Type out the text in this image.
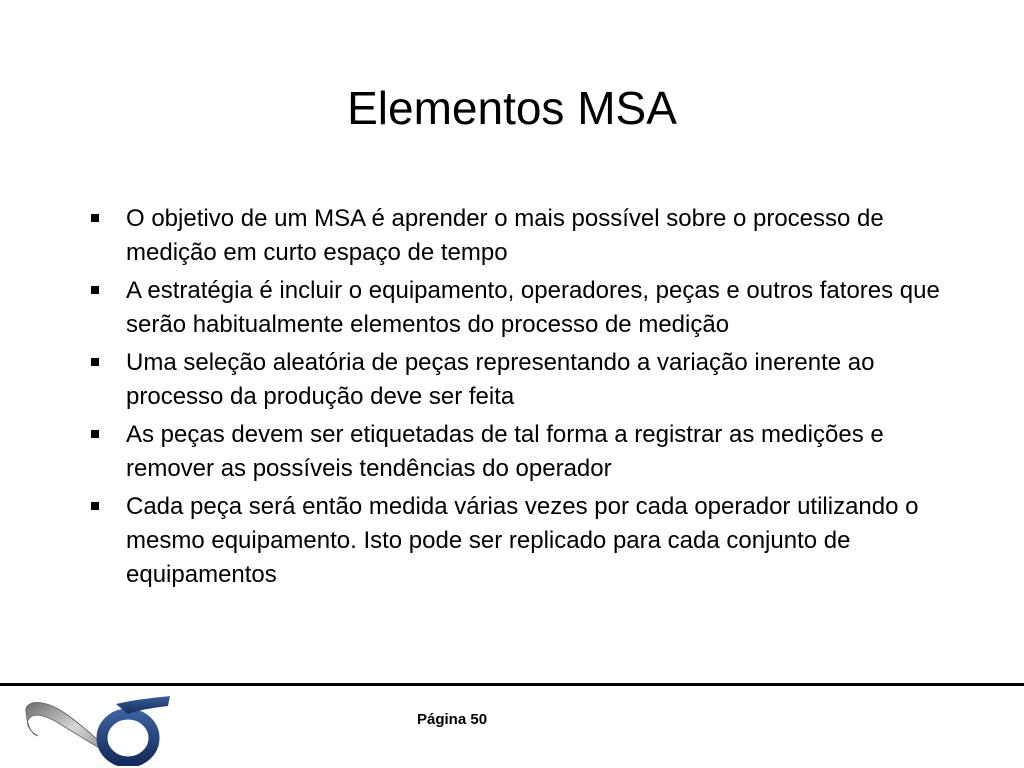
Elementos MSA
O objetivo de um MSA é aprender o mais possível sobre o processo de medição em curto espaço de tempo
A estratégia é incluir o equipamento, operadores, peças e outros fatores que serão habitualmente elementos do processo de medição
Uma seleção aleatória de peças representando a variação inerente ao processo da produção deve ser feita
As peças devem ser etiquetadas de tal forma a registrar as medições e remover as possíveis tendências do operador
Cada peça será então medida várias vezes por cada operador utilizando o mesmo equipamento. Isto pode ser replicado para cada conjunto de equipamentos
Página 50
